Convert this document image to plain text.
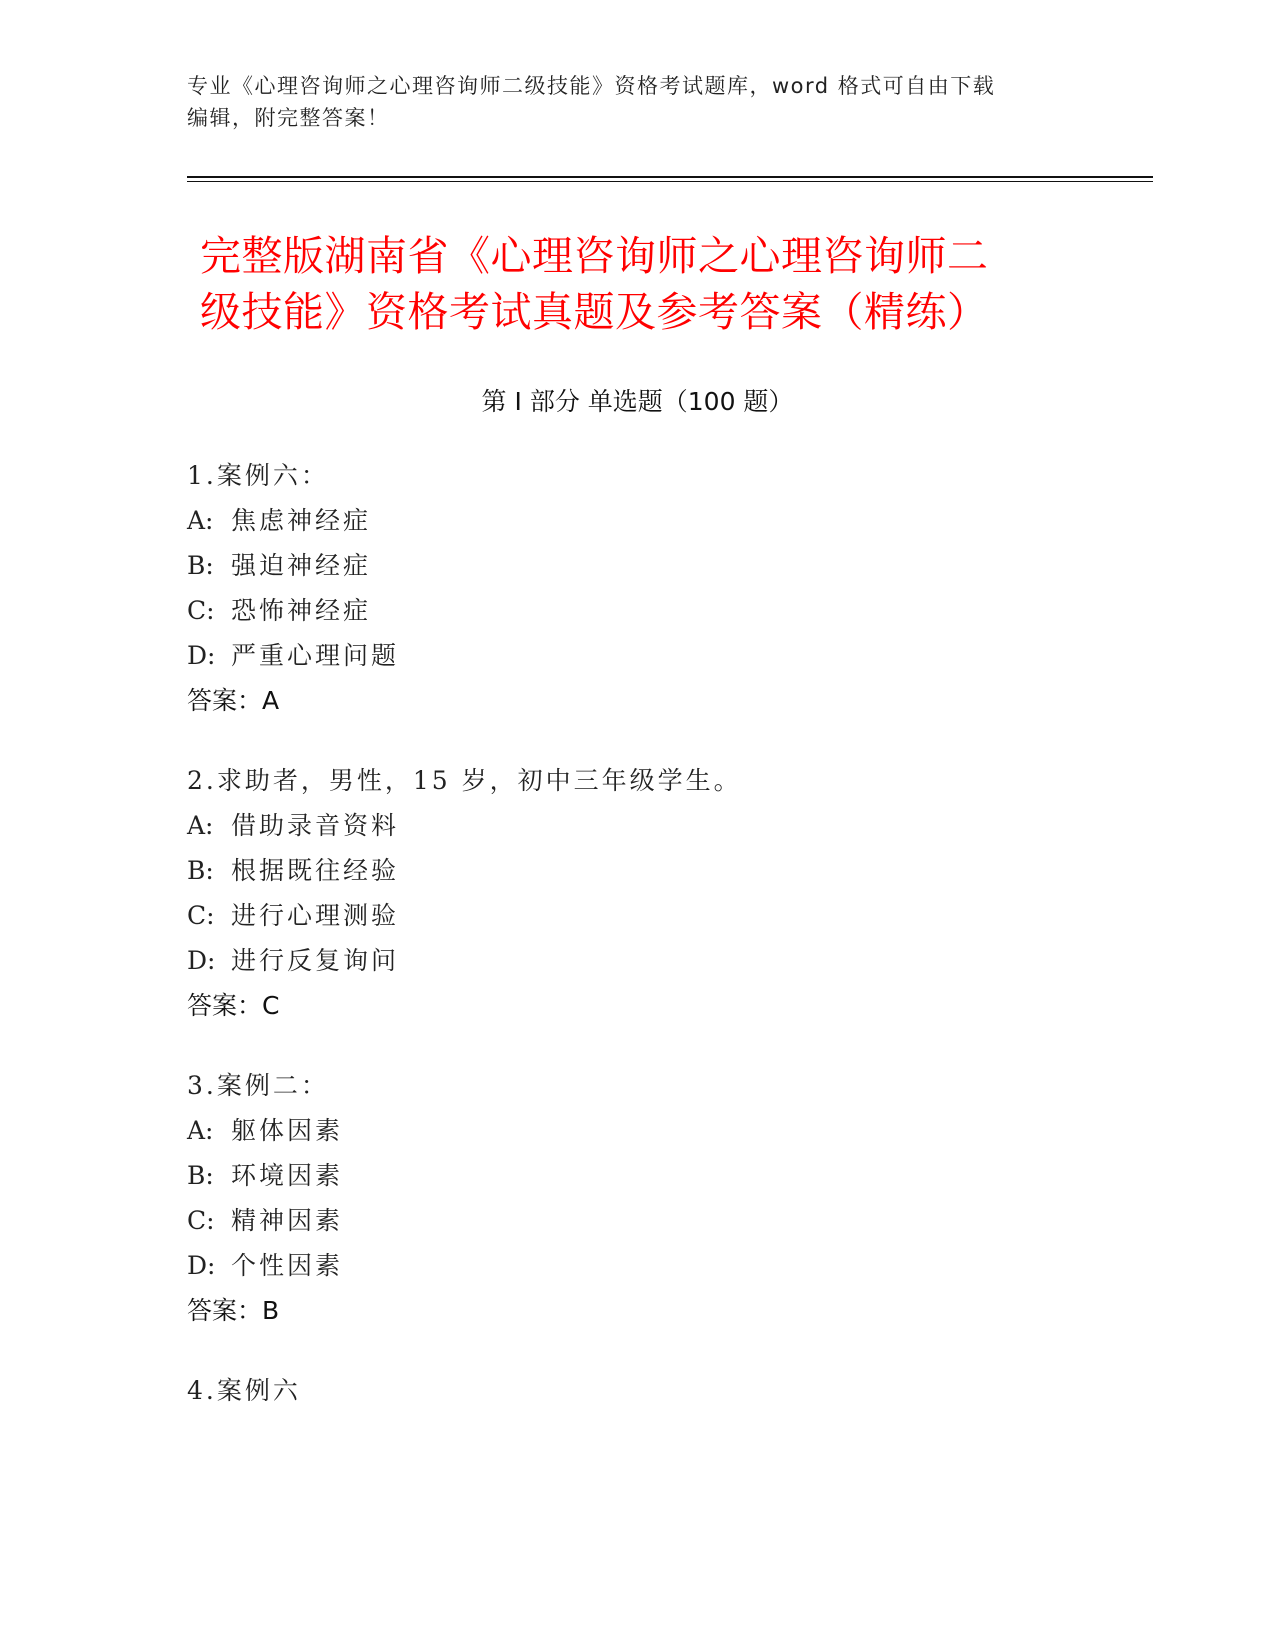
专业《心理咨询师之心理咨询师二级技能》资格考试题库，word 格式可自由下载
编辑，附完整答案！
完整版湖南省《心理咨询师之心理咨询师二
级技能》资格考试真题及参考答案（精练）
第 I 部分 单选题（100 题）
1.案例六：
A: 焦虑神经症
B: 强迫神经症
C: 恐怖神经症
D: 严重心理问题
答案：A
2.求助者，男性，15 岁，初中三年级学生。
A: 借助录音资料
B: 根据既往经验
C: 进行心理测验
D: 进行反复询问
答案：C
3.案例二：
A: 躯体因素
B: 环境因素
C: 精神因素
D: 个性因素
答案：B
4.案例六
